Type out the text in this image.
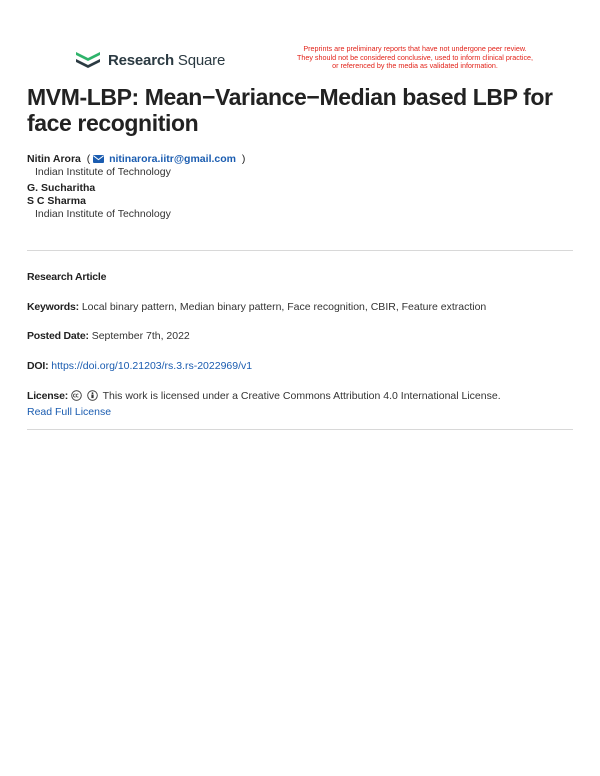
Research Square
Preprints are preliminary reports that have not undergone peer review.
They should not be considered conclusive, used to inform clinical practice,
or referenced by the media as validated information.
MVM-LBP: Mean−Variance−Median based LBP for face recognition
Nitin Arora  ( nitinarora.iitr@gmail.com  )
Indian Institute of Technology
G. Sucharitha
S C Sharma
Indian Institute of Technology
Research Article
Keywords: Local binary pattern, Median binary pattern, Face recognition, CBIR, Feature extraction
Posted Date: September 7th, 2022
DOI: https://doi.org/10.21203/rs.3.rs-2022969/v1
License:	This work is licensed under a Creative Commons Attribution 4.0 International License.
Read Full License
